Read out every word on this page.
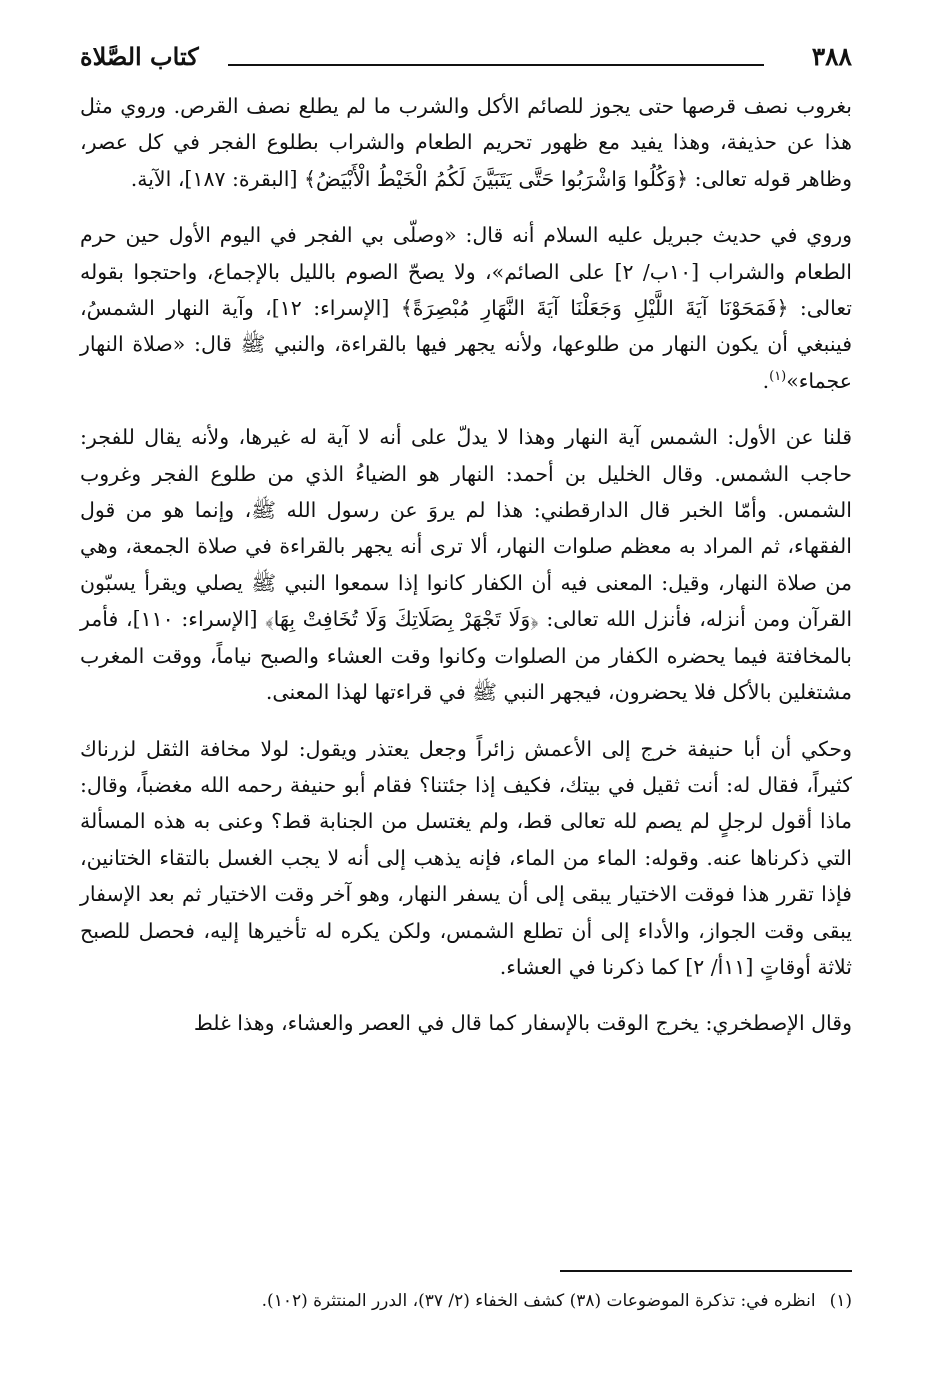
٣٨٨
كتاب الصَّلاة

بغروب نصف قرصها حتى يجوز للصائم الأكل والشرب ما لم يطلع نصف القرص. وروي مثل هذا عن حذيفة، وهذا يفيد مع ظهور تحريم الطعام والشراب بطلوع الفجر في كل عصر، وظاهر قوله تعالى: ﴿وَكُلُوا وَاشْرَبُوا حَتَّى يَتَبَيَّنَ لَكُمُ الْخَيْطُ الْأَبْيَضُ﴾ [البقرة: ١٨٧]، الآية.

وروي في حديث جبريل عليه السلام أنه قال: «وصلّى بي الفجر في اليوم الأول حين حرم الطعام والشراب [١٠ب/ ٢] على الصائم»، ولا يصحّ الصوم بالليل بالإجماع، واحتجوا بقوله تعالى: ﴿فَمَحَوْنَا آيَةَ اللَّيْلِ وَجَعَلْنَا آيَةَ النَّهَارِ مُبْصِرَةً﴾ [الإسراء: ١٢]، وآية النهار الشمسُ، فينبغي أن يكون النهار من طلوعها، ولأنه يجهر فيها بالقراءة، والنبي ﷺ قال: «صلاة النهار عجماء»$^{(١)}$.

قلنا عن الأول: الشمس آية النهار وهذا لا يدلّ على أنه لا آية له غيرها، ولأنه يقال للفجر: حاجب الشمس. وقال الخليل بن أحمد: النهار هو الضياءُ الذي من طلوع الفجر وغروب الشمس. وأمّا الخبر قال الدارقطني: هذا لم يروَ عن رسول الله ﷺ، وإنما هو من قول الفقهاء، ثم المراد به معظم صلوات النهار، ألا ترى أنه يجهر بالقراءة في صلاة الجمعة، وهي من صلاة النهار، وقيل: المعنى فيه أن الكفار كانوا إذا سمعوا النبي ﷺ يصلي ويقرأ يسبّون القرآن ومن أنزله، فأنزل الله تعالى: ﴿وَلَا تَجْهَرْ بِصَلَاتِكَ وَلَا تُخَافِتْ بِهَا﴾ [الإسراء: ١١٠]، فأمر بالمخافتة فيما يحضره الكفار من الصلوات وكانوا وقت العشاء والصبح نياماً، ووقت المغرب مشتغلين بالأكل فلا يحضرون، فيجهر النبي ﷺ في قراءتها لهذا المعنى.

وحكي أن أبا حنيفة خرج إلى الأعمش زائراً وجعل يعتذر ويقول: لولا مخافة الثقل لزرناك كثيراً، فقال له: أنت ثقيل في بيتك، فكيف إذا جئتنا؟ فقام أبو حنيفة رحمه الله مغضباً، وقال: ماذا أقول لرجلٍ لم يصم لله تعالى قط، ولم يغتسل من الجنابة قط؟ وعنى به هذه المسألة التي ذكرناها عنه. وقوله: الماء من الماء، فإنه يذهب إلى أنه لا يجب الغسل بالتقاء الختانين، فإذا تقرر هذا فوقت الاختيار يبقى إلى أن يسفر النهار، وهو آخر وقت الاختيار ثم بعد الإسفار يبقى وقت الجواز، والأداء إلى أن تطلع الشمس، ولكن يكره له تأخيرها إليه، فحصل للصبح ثلاثة أوقاتٍ [١١أ/ ٢] كما ذكرنا في العشاء.

وقال الإصطخري: يخرج الوقت بالإسفار كما قال في العصر والعشاء، وهذا غلط

(١)انظره في: تذكرة الموضوعات (٣٨) كشف الخفاء (٢/ ٣٧)، الدرر المنتثرة (١٠٢).
